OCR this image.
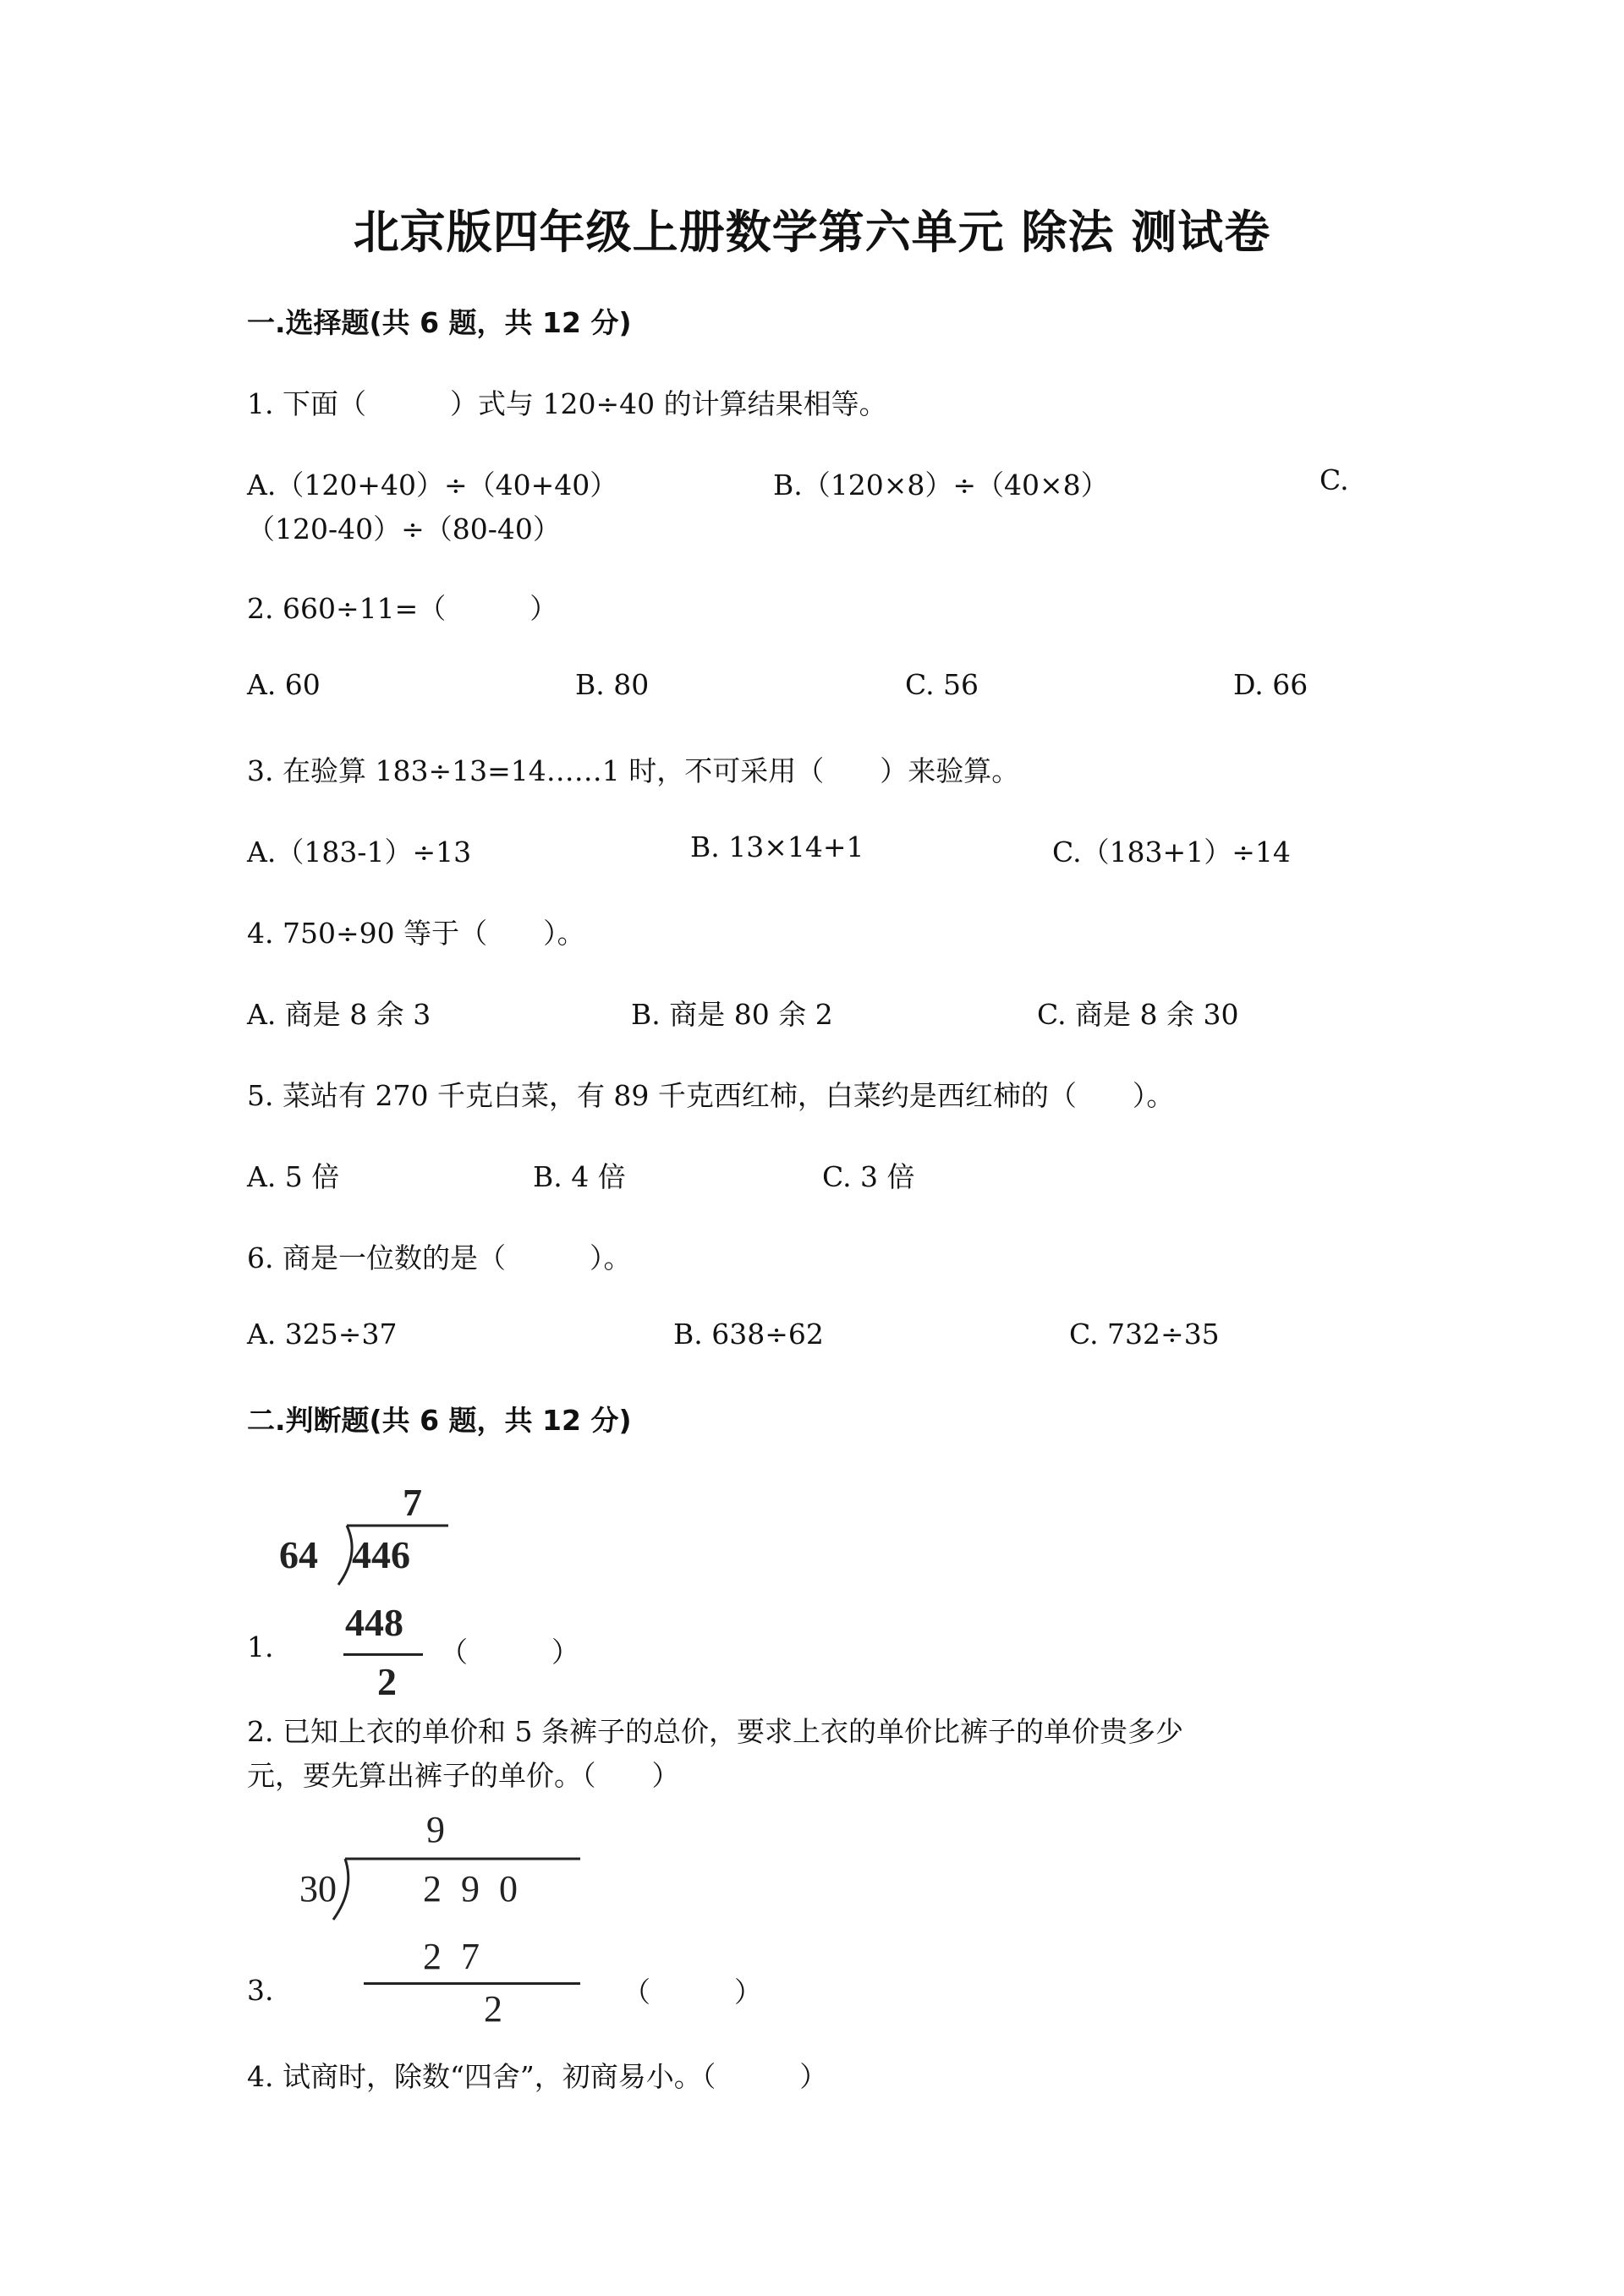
北京版四年级上册数学第六单元 除法 测试卷
一.选择题(共 6 题，共 12 分)
1. 下面（　　　）式与 120÷40 的计算结果相等。
A.（120+40）÷（40+40）	B.（120×8）÷（40×8）	C.
（120-40）÷（80-40）
2. 660÷11=（　　　）
A. 60	B. 80	C. 56	D. 66
3. 在验算 183÷13=14……1 时，不可采用（　　）来验算。
A.（183-1）÷13	B. 13×14+1	C.（183+1）÷14
4. 750÷90 等于（　　）。
A. 商是 8 余 3	B. 商是 80 余 2	C. 商是 8 余 30
5. 菜站有 270 千克白菜，有 89 千克西红柿，白菜约是西红柿的（　　）。
A. 5 倍	B. 4 倍	C. 3 倍
6. 商是一位数的是（　　　）。
A. 325÷37	B. 638÷62	C. 732÷35
二.判断题(共 6 题，共 12 分)
7
64 446
448
2
1.	（　　　）
2. 已知上衣的单价和 5 条裤子的总价，要求上衣的单价比裤子的单价贵多少
元，要先算出裤子的单价。（　　）
9
30 2 9 0
2 7
2
3.	（　　　）
4. 试商时，除数“四舍”，初商易小。（　　　）
